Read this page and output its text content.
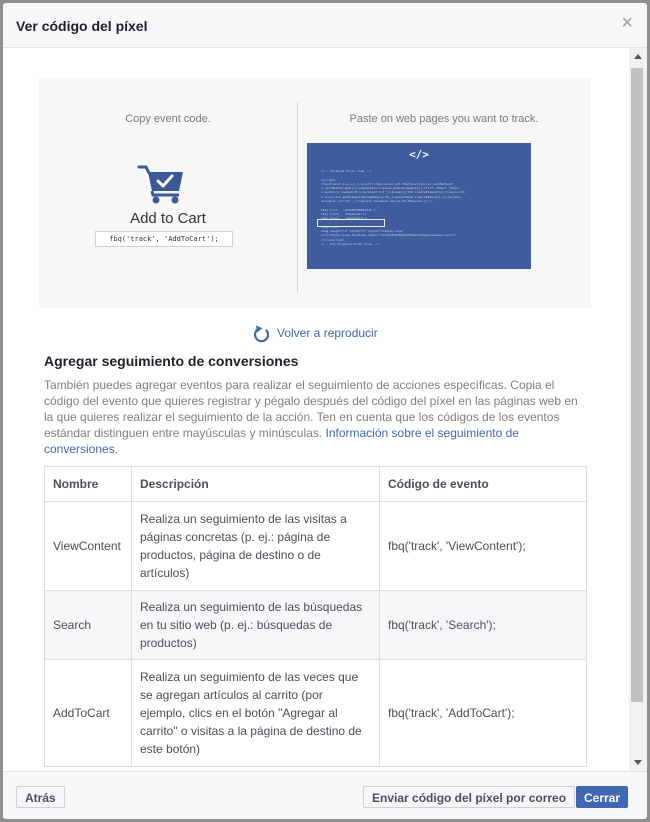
Ver código del píxel	×
Copy event code.	Paste on web pages you want to track.
Add to Cart
fbq('track', 'AddToCart');
</>
<!-- Facebook Pixel Code -->

<script>
!function(f,b,e,v,n,t,s){if(f.fbq)return;n=f.fbq=function(){n.callMethod?
n.callMethod.apply(n,arguments):n.queue.push(arguments)};if(!f._fbq)f._fbq=n;
n.push=n;n.loaded=!0;n.version='2.0';n.queue=[];t=b.createElement(e);t.async=!0;
t.src=v;s=b.getElementsByTagName(e)[0];s.parentNode.insertBefore(t,s)}(window,
document,'script','//connect.facebook.net/en_US/fbevents.js');

fbq('init', '123456789012345');
fbq('track', 'PageView');
fbq('track', 'AddToCart');

<noscript>
<img height="1" width="1" style="display:none"
src="https://www.facebook.com/tr?id=123456789012345&ev=PageView&noscript=1"
/></noscript>
<!-- End Facebook Pixel Code -->
Volver a reproducir
Agregar seguimiento de conversiones
También puedes agregar eventos para realizar el seguimiento de acciones específicas. Copia el código del evento que quieres registrar y pégalo después del código del píxel en las páginas web en la que quieres realizar el seguimiento de la acción. Ten en cuenta que los códigos de los eventos estándar distinguen entre mayúsculas y minúsculas. Información sobre el seguimiento de conversiones.
Nombre	Descripción	Código de evento
ViewContent	Realiza un seguimiento de las visitas a páginas concretas (p. ej.: página de productos, página de destino o de artículos)	fbq('track', 'ViewContent');
Search	Realiza un seguimiento de las búsquedas en tu sitio web (p. ej.: búsquedas de productos)	fbq('track', 'Search');
AddToCart	Realiza un seguimiento de las veces que se agregan artículos al carrito (por ejemplo, clics en el botón "Agregar al carrito" o visitas a la página de destino de este botón)	fbq('track', 'AddToCart');
Atrás	Enviar código del píxel por correo	Cerrar
